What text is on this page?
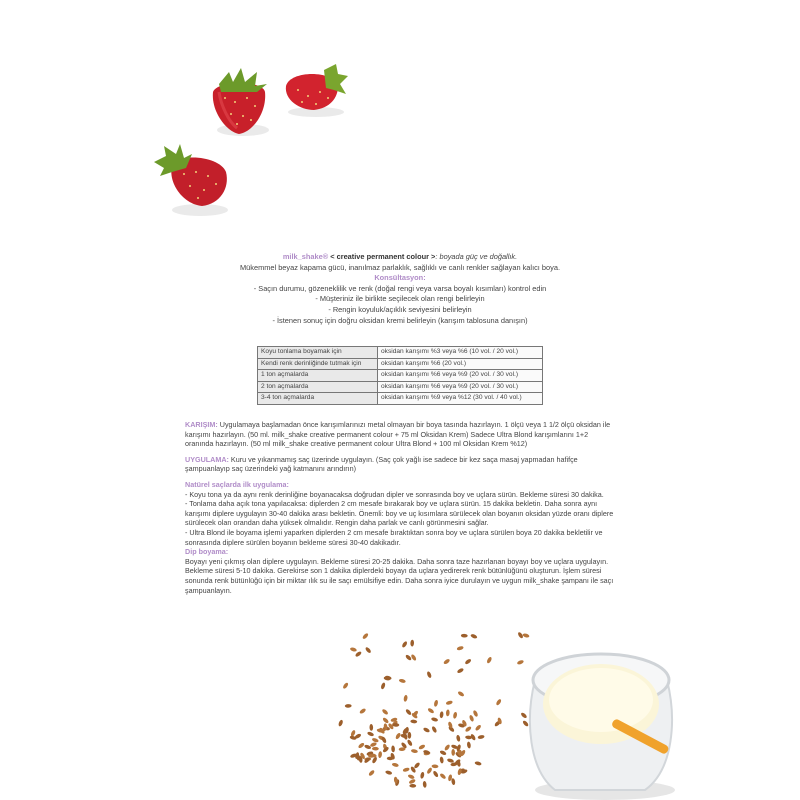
milk_shake® < creative permanent colour >: boyada güç ve doğallık.
Mükemmel beyaz kapama gücü, inanılmaz parlaklık, sağlıklı ve canlı renkler sağlayan kalıcı boya.
Konsültasyon:
- Saçın durumu, gözeneklilik ve renk (doğal rengi veya varsa boyalı kısımları) kontrol edin
- Müşteriniz ile birlikte seçilecek olan rengi belirleyin
- Rengin koyuluk/açıklık seviyesini belirleyin
- İstenen sonuç için doğru oksidan kremi belirleyin (karışım tablosuna danışın)
Koyu tonlama boyamak için	oksidan karışımı %3 veya %6 (10 vol. / 20 vol.)
Kendi renk derinliğinde tutmak için	oksidan karışımı %6 (20 vol.)
1 ton açmalarda	oksidan karışımı %6 veya %9 (20 vol. / 30 vol.)
2 ton açmalarda	oksidan karışımı %6 veya %9 (20 vol. / 30 vol.)
3-4 ton açmalarda	oksidan karışımı %9 veya %12 (30 vol. / 40 vol.)

KARIŞIM: Uygulamaya başlamadan önce karışımlarınızı metal olmayan bir boya tasında hazırlayın. 1 ölçü veya 1 1/2 ölçü oksidan ile karışımı hazırlayın. (50 ml. milk_shake creative permanent colour + 75 ml Oksidan Krem) Sadece Ultra Blond karışımlarını 1+2 oranında hazırlayın. (50 ml milk_shake creative permanent colour Ultra Blond + 100 ml Oksidan Krem %12)

UYGULAMA: Kuru ve yıkanmamış saç üzerinde uygulayın. (Saç çok yağlı ise sadece bir kez saça masaj yapmadan hafifçe şampuanlayıp saç üzerindeki yağ katmanını arındırın)

Natürel saçlarda ilk uygulama:
- Koyu tona ya da aynı renk derinliğine boyanacaksa doğrudan dipler ve sonrasında boy ve uçlara sürün. Bekleme süresi 30 dakika.
- Tonlama daha açık tona yapılacaksa: diplerden 2 cm mesafe bırakarak boy ve uçlara sürün. 15 dakika bekletin. Daha sonra aynı karışımı diplere uygulayın 30-40 dakika arası bekletin. Önemli: boy ve uç kısımlara sürülecek olan boyanın oksidan yüzde oranı diplere sürülecek olan orandan daha yüksek olmalıdır. Rengin daha parlak ve canlı görünmesini sağlar.
- Ultra Blond ile boyama işlemi yaparken diplerden 2 cm mesafe bıraktıktan sonra boy ve uçlara sürülen boya 20 dakika bekletilir ve sonrasında diplere sürülen boyanın bekleme süresi 30-40 dakikadır.
Dip boyama:
Boyayı yeni çıkmış olan diplere uygulayın. Bekleme süresi 20-25 dakika. Daha sonra taze hazırlanan boyayı boy ve uçlara uygulayın. Bekleme süresi 5-10 dakika. Gerekirse son 1 dakika diplerdeki boyayı da uçlara yedirerek renk bütünlüğünü oluşturun. İşlem süresi sonunda renk bütünlüğü için bir miktar ılık su ile saçı emülsifiye edin. Daha sonra iyice durulayın ve uygun milk_shake şampanı ile saçı şampuanlayın.
